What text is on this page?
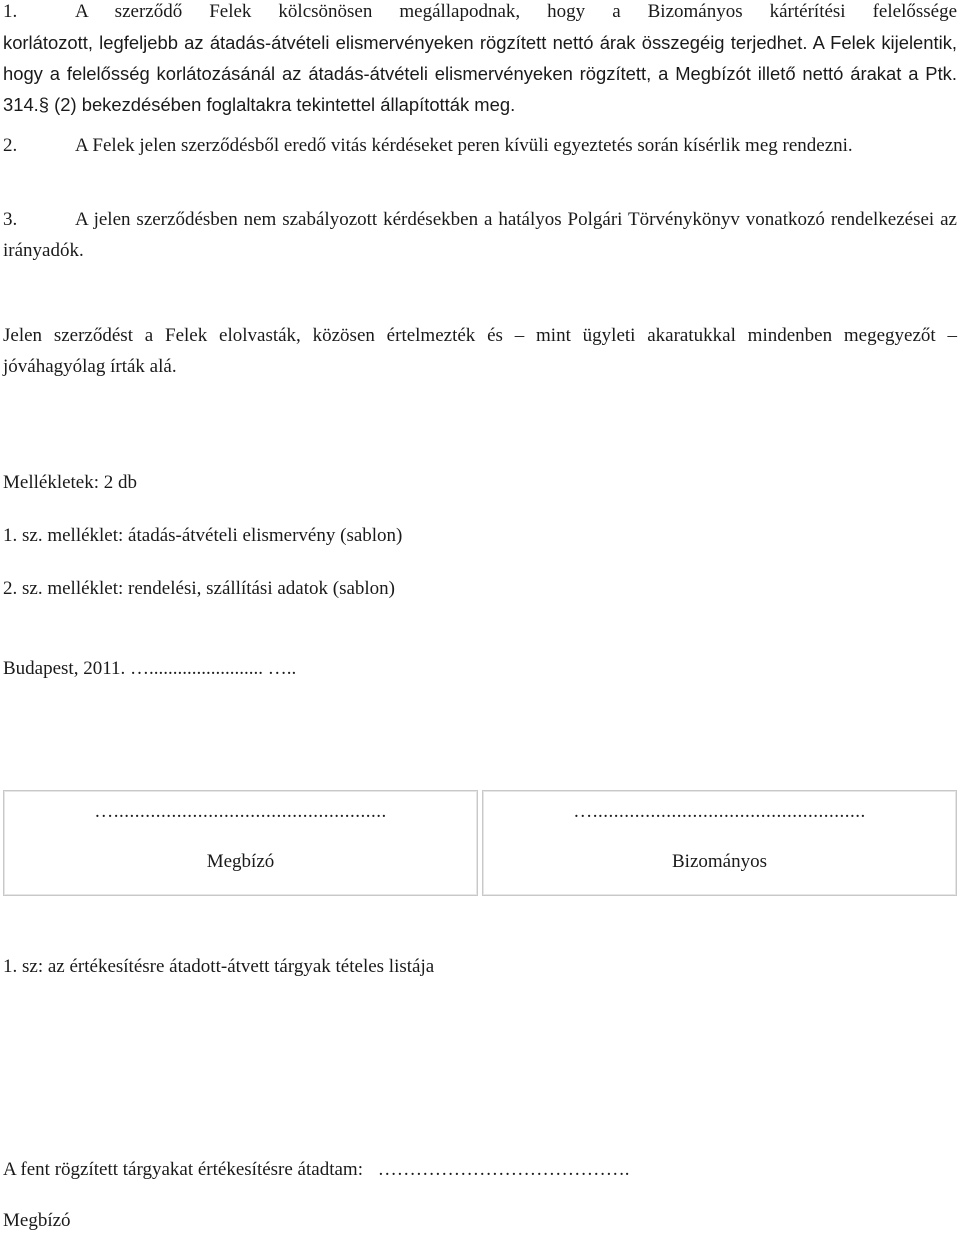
1.	A szerződő Felek kölcsönösen megállapodnak, hogy a Bizományos kártérítési felelőssége
korlátozott, legfeljebb az átadás-átvételi elismervényeken rögzített nettó árak összegéig terjedhet. A Felek kijelentik, hogy a felelősség korlátozásánál az átadás-átvételi elismervényeken rögzített, a Megbízót illető nettó árakat a Ptk. 314.§ (2) bekezdésében foglaltakra tekintettel állapították meg.
2.	A Felek jelen szerződésből eredő vitás kérdéseket peren kívüli egyeztetés során kísérlik meg rendezni.
3.	A jelen szerződésben nem szabályozott kérdésekben a hatályos Polgári Törvénykönyv vonatkozó rendelkezései az irányadók.
Jelen szerződést a Felek elolvasták, közösen értelmezték és – mint ügyleti akaratukkal mindenben megegyezőt – jóváhagyólag írták alá.
Mellékletek: 2 db
1. sz. melléklet: átadás-átvételi elismervény (sablon)
2. sz. melléklet: rendelési, szállítási adatok (sablon)
Budapest, 2011. …........................ …..
…....................................................
Megbízó
…....................................................
Bizományos
1. sz: az értékesítésre átadott-átvett tárgyak tételes listája
A fent rögzített tárgyakat értékesítésre átadtam: ………………………………….
Megbízó
